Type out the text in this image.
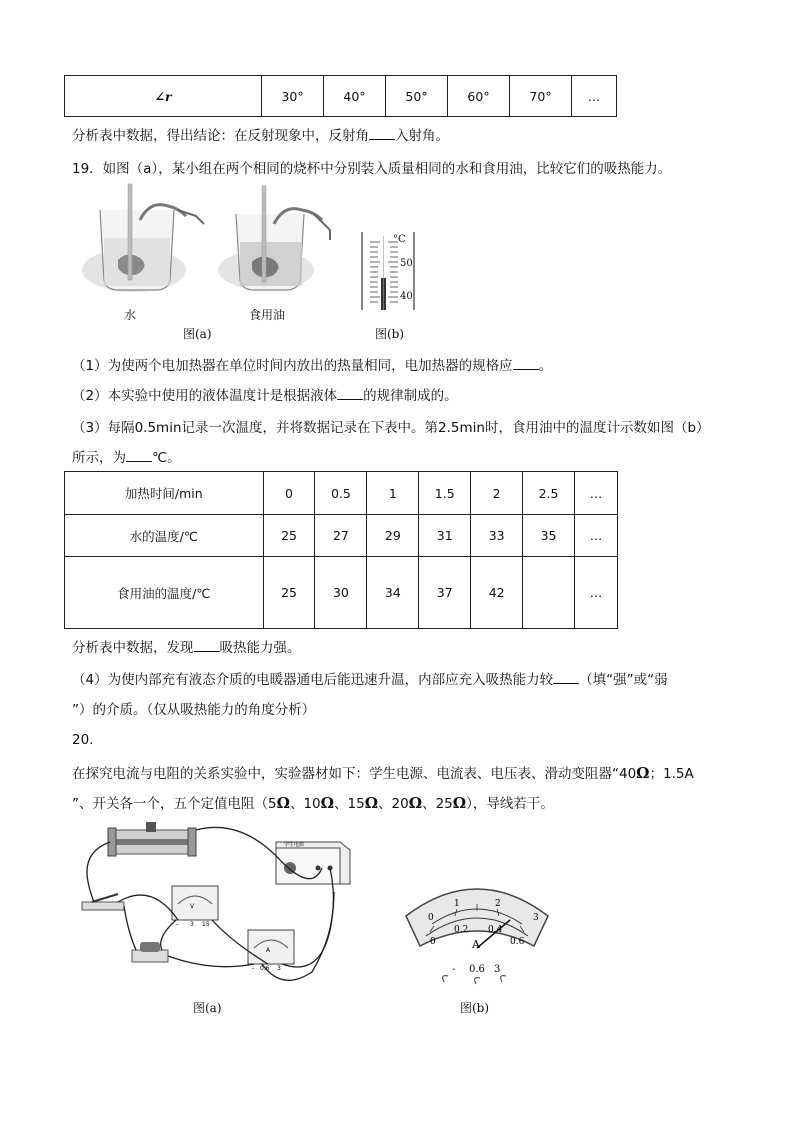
∠r	30°	40°	50°	60°	70°	…
分析表中数据，得出结论：在反射现象中，反射角 入射角。
19．如图（a），某小组在两个相同的烧杯中分别装入质量相同的水和食用油，比较它们的吸热能力。
水	食用油
图(a)
°C
50
40
图(b)
（1）为使两个电加热器在单位时间内放出的热量相同，电加热器的规格应 。
（2）本实验中使用的液体温度计是根据液体 的规律制成的。
（3）每隔0.5min记录一次温度，并将数据记录在下表中。第2.5min时，食用油中的温度计示数如图（b）
所示，为 ℃。
加热时间/min	0	0.5	1	1.5	2	2.5	…
水的温度/℃	25	27	29	31	33	35	…
食用油的温度/℃	25	30	34	37	42		…
分析表中数据，发现 吸热能力强。
（4）为使内部充有液态介质的电暖器通电后能迅速升温，内部应充入吸热能力较 （填“强”或“弱
”）的介质。（仅从吸热能力的角度分析）
20.
在探究电流与电阻的关系实验中，实验器材如下：学生电源、电流表、电压表、滑动变阻器“40Ω；1.5A
”、开关各一个，五个定值电阻（5Ω、10Ω、15Ω、20Ω、25Ω），导线若干。
学生电源
V
- 3 15
A
- 0.6 3
图(a)
0
1	2
3
0
0.2 0.4
0.6
A
- 0.6 3
图(b)
